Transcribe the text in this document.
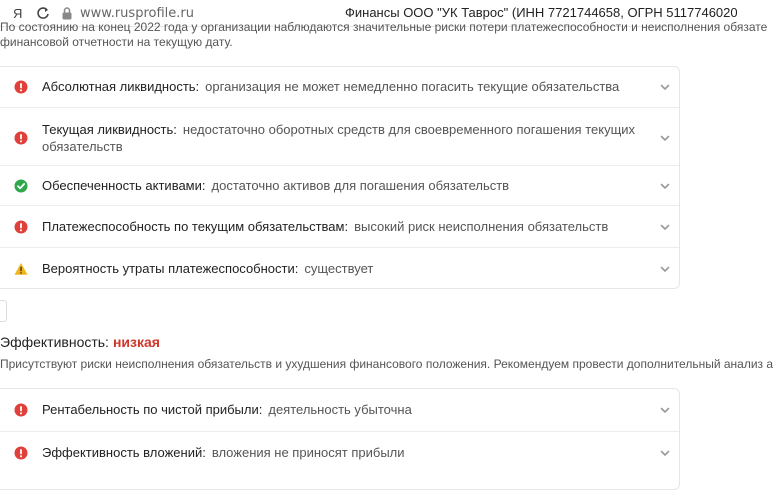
Я	www.rusprofile.ru	Финансы ООО "УК Таврос" (ИНН 7721744658, ОГРН 5117746020
По состоянию на конец 2022 года у организации наблюдаются значительные риски потери платежеспособности и неисполнения обязате
финансовой отчетности на текущую дату.
Абсолютная ликвидность: организация не может немедленно погасить текущие обязательства
Текущая ликвидность: недостаточно оборотных средств для своевременного погашения текущих обязательств
Обеспеченность активами: достаточно активов для погашения обязательств
Платежеспособность по текущим обязательствам: высокий риск неисполнения обязательств
Вероятность утраты платежеспособности: существует
Эффективность: низкая
Присутствуют риски неисполнения обязательств и ухудшения финансового положения. Рекомендуем провести дополнительный анализ а
Рентабельность по чистой прибыли: деятельность убыточна
Эффективность вложений: вложения не приносят прибыли
